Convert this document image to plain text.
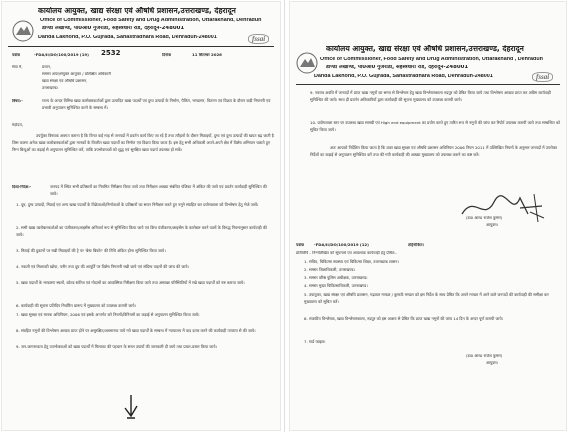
कार्यालय आयुक्त, खाद्य संरक्षा एवं औषधि प्रशासन,उत्तराखण्ड, देहरादून
Office of Commissioner, Food Safety and Drug Administration, Uttarakhand, Dehradun
डाण्डा लखौण्ड, पो0ओ0 गुजराडा, सहस्त्रधारा रोड, देहरादून-248001
Danda Lakhond, P.O. Gujrada, Sahastradhara Road, Dehradun-248001	fssai
पत्रांक	-FDA/II/DO/100/2019 (19) 2532	दिनांक	11 सितम्बर 2026
सेवा में,	प्रधान,
समस्त अपर/संयुक्त आयुक्त / प्रशिक्षित अधिकारी
खाद्य संरक्षा एवं औषधि प्रशासन,
उत्तराखण्ड।
विषय:-	राज्य के अन्दर विभिन्न खाद्य कारोबारकर्ताओं द्वारा उत्पादित खाद्य पदार्थों एवं दुग्ध उत्पादों के निर्माण, पैकिंग, भण्डारण, वितरण एवं विक्रय के दौरान कड़ी निगरानी एवं प्रभावी अनुपालन सुनिश्चित करने के सम्बन्ध में।
महोदय,
उपर्युक्त विषयक अवगत कराना है कि विगत कई माह से जनपदों में प्रवर्तन कार्य किए जा रहे हैं तथा त्यौहारों के दौरान मिठाइयों, दुग्ध एवं दुग्ध उत्पादों की खपत बढ़ जाती है जिस कारण अनेक खाद्य कारोबारकर्ताओं द्वारा मानकों के विपरीत खाद्य पदार्थों का निर्माण एवं विक्रय किया जाता है। इस हेतु सभी अधिकारी अपने-अपने क्षेत्र में विशेष अभियान चलाते हुए निम्न बिन्दुओं का कड़ाई से अनुपालन सुनिश्चित करें, ताकि उपभोक्ताओं को शुद्ध एवं सुरक्षित खाद्य पदार्थ उपलब्ध हो सकें।
दिशा-निर्देश:-	जनपद में स्थित सभी प्रतिष्ठानों का नियमित निरीक्षण किया जाये तथा निरीक्षण आख्या संबंधित पंजिका में अंकित की जाये एवं प्रवर्तन कार्यवाही सुनिश्चित की जाये।
1. दूध, दुग्ध उत्पादों, मिठाई एवं अन्य खाद्य पदार्थों के विक्रेताओं/निर्माताओं के प्रतिष्ठानों का सघन निरीक्षण करते हुए नमूने संग्रहित कर प्रयोगशाला को विश्लेषण हेतु भेजे जायें।
2. सभी खाद्य कारोबारकर्ताओं का पंजीकरण/लाइसेंस अनिवार्य रूप से सुनिश्चित किया जाये एवं बिना पंजीकरण/लाइसेंस के कारोबार करने वालों के विरुद्ध नियमानुसार कार्यवाही की जाये।
3. मिठाई की दुकानों पर रखी मिठाइयों की ट्रे पर 'बेस्ट बिफोर' की तिथि अंकित होना सुनिश्चित किया जाये।
4. नकली एवं मिलावटी खोया, पनीर तथा दूध की आपूर्ति पर विशेष निगरानी रखी जाये एवं संदिग्ध वाहनों की जांच की जाये।
5. खाद्य पदार्थों के भण्डारण स्थलों, कोल्ड स्टोरेज एवं गोदामों का आकस्मिक निरीक्षण किया जाये तथा अस्वच्छ परिस्थितियों में रखे खाद्य पदार्थों को नष्ट कराया जाये।
6. कार्यवाही की सूचना प्रतिदिन निर्धारित प्रारूप में मुख्यालय को उपलब्ध करायी जाये।
7. खाद्य सुरक्षा एवं मानक अधिनियम, 2006 एवं इसके अन्तर्गत बने नियमों/विनियमों का कड़ाई से अनुपालन सुनिश्चित किया जाये।
8. संग्रहित नमूनों की विश्लेषण आख्या प्राप्त होने पर असुरक्षित/अवमानक पाये गये खाद्य पदार्थों के सम्बन्ध में न्यायालय में वाद दायर करने की कार्यवाही तत्परता से की जाये।
9. जन-जागरूकता हेतु उपभोक्ताओं को खाद्य पदार्थों में मिलावट की पहचान के सरल उपायों की जानकारी दी जाये तथा प्रचार-प्रसार किया जाये।
कार्यालय आयुक्त, खाद्य संरक्षा एवं औषधि प्रशासन,उत्तराखण्ड, देहरादून
Office of Commissioner, Food Safety and Drug Administration, Uttarakhand , Dehradun
डाण्डा लखौण्ड, पो0ओ0 गुजराडा, सहस्त्रधारा रोड, देहरादून-248001
Danda Lakhond, P.O. Gujrada, Sahastradhara Road, Dehradun-248001	fssai
9. नवरात्र अवधि में जनपदों में प्राप्त खाद्य नमूनों का समय से विश्लेषण हेतु खाद्य विश्लेषणशाला रुद्रपुर को प्रेषित किया जाये तथा विश्लेषण आख्या प्राप्त कर अग्रिम कार्यवाही सुनिश्चित की जाये। साथ ही प्रवर्तन अधिकारियों द्वारा कार्यवाही की सूचना मुख्यालय को उपलब्ध करायी जाये।
10. प्रयोगशाला स्तर पर उपलब्ध खाद्य सामग्री एवं High end equipment का प्रयोग करते हुए त्वरित रूप से नमूनों की जांच कर रिपोर्ट उपलब्ध करायी जाये तथा सम्बन्धित को सूचित किया जाये।
अतः आपको निर्देशित किया जाता है कि उक्त खाद्य सुरक्षा एवं औषधि प्रशासन अधिनियम 2006 नियम 2011 में उल्लिखित नियमों के अनुसार जनपदों में उपरोक्त निर्देशों का कड़ाई से अनुपालन सुनिश्चित करें तथा की गयी कार्यवाही की आख्या मुख्यालय को उपलब्ध कराने का कष्ट करें।
(डा0 आर0 राजेश कुमार)
आयुक्त।
पत्रांक -FDA/II/DO/100/2019 (12)	तद्दिनांकित।
प्रतिलिपि - निम्नलिखित को सूचनार्थ एवं आवश्यक कार्यवाही हेतु प्रेषित:-
1. सचिव, चिकित्सा स्वास्थ्य एवं चिकित्सा शिक्षा, उत्तराखण्ड शासन।
2. समस्त जिलाधिकारी, उत्तराखण्ड।
3. समस्त वरिष्ठ पुलिस अधीक्षक, उत्तराखण्ड।
4. समस्त मुख्य चिकित्साधिकारी, उत्तराखण्ड।
5. उपायुक्त, खाद्य संरक्षा एवं औषधि प्रशासन, गढ़वाल मण्डल / कुमाऊँ मण्डल को इस निर्देश के साथ प्रेषित कि अपने मण्डल में आने वाले जनपदों की कार्यवाही की समीक्षा कर मुख्यालय को सूचित करें।
6. राजकीय विश्लेषक, खाद्य विश्लेषणशाला, रुद्रपुर को इस आशय से प्रेषित कि प्राप्त खाद्य नमूनों की जांच 14 दिन के अन्दर पूर्ण करायी जाये।
7. गार्ड फाइल।
(डा0 आर0 राजेश कुमार)
आयुक्त।
